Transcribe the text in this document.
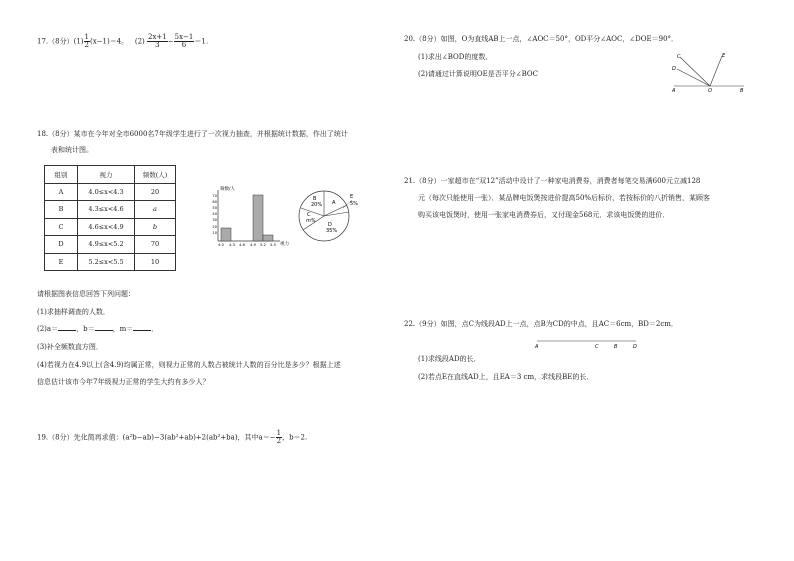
17.（8分）$(1) \frac{1}{2} (x-1)=4$。 $(2) \frac{2x+1}{3} - \frac{5x-1}{6} =1$.
18.（8分）某市在今年对全市6000名7年级学生进行了一次视力抽查，并根据统计数据，作出了统计
表和统计图。
组别	视力	频数(人)
A	4.0≤x<4.3	20
B	4.3≤x<4.6	a
C	4.6≤x<4.9	b
D	4.9≤x<5.2	70
E	5.2≤x<5.5	10
频数/人
视力
70
60
50
40
30
20
10
4.0 4.3 4.6 4.9 5.2 5.5
B
20%
C
m%
D
35%
A
E
5%
请根据图表信息回答下列问题：
(1)求抽样调查的人数．
(2)a＝	，b＝	，m＝	．
(3)补全频数直方图．
(4)若视力在4.9以上(含4.9)均属正常，则视力正常的人数占被统计人数的百分比是多少？根据上述
信息估计该市今年7年级视力正常的学生大约有多少人？
19.（8分）先化简再求值：(a²b−ab)−3(ab²+ab)+2(ab²+ba)，其中$a=- \frac{1}{2}$ ，b＝2.
20.（8分）如图，O为直线AB上一点，∠AOC＝50°，OD平分∠AOC，∠DOE＝90°．
(1)求出∠BOD的度数．
(2)请通过计算说明OE是否平分∠BOC
C
D
E
A	O	B
21.（8分）一家超市在“双12”活动中设计了一种家电消费券，消费者每笔交易满600元立减128
元（每次只能使用一张）．某品牌电饭煲按进价提高50%后标价，若按标价的八折销售，某顾客
购买该电饭煲时，使用一张家电消费券后，又付现金568元．求该电饭煲的进价．
22.（9分）如图，点C为线段AD上一点，点B为CD的中点，且AC＝6cm，BD＝2cm．
A	C	B	D
(1)求线段AD的长．
(2)若点E在直线AD上，且EA＝3 cm，求线段BE的长．
